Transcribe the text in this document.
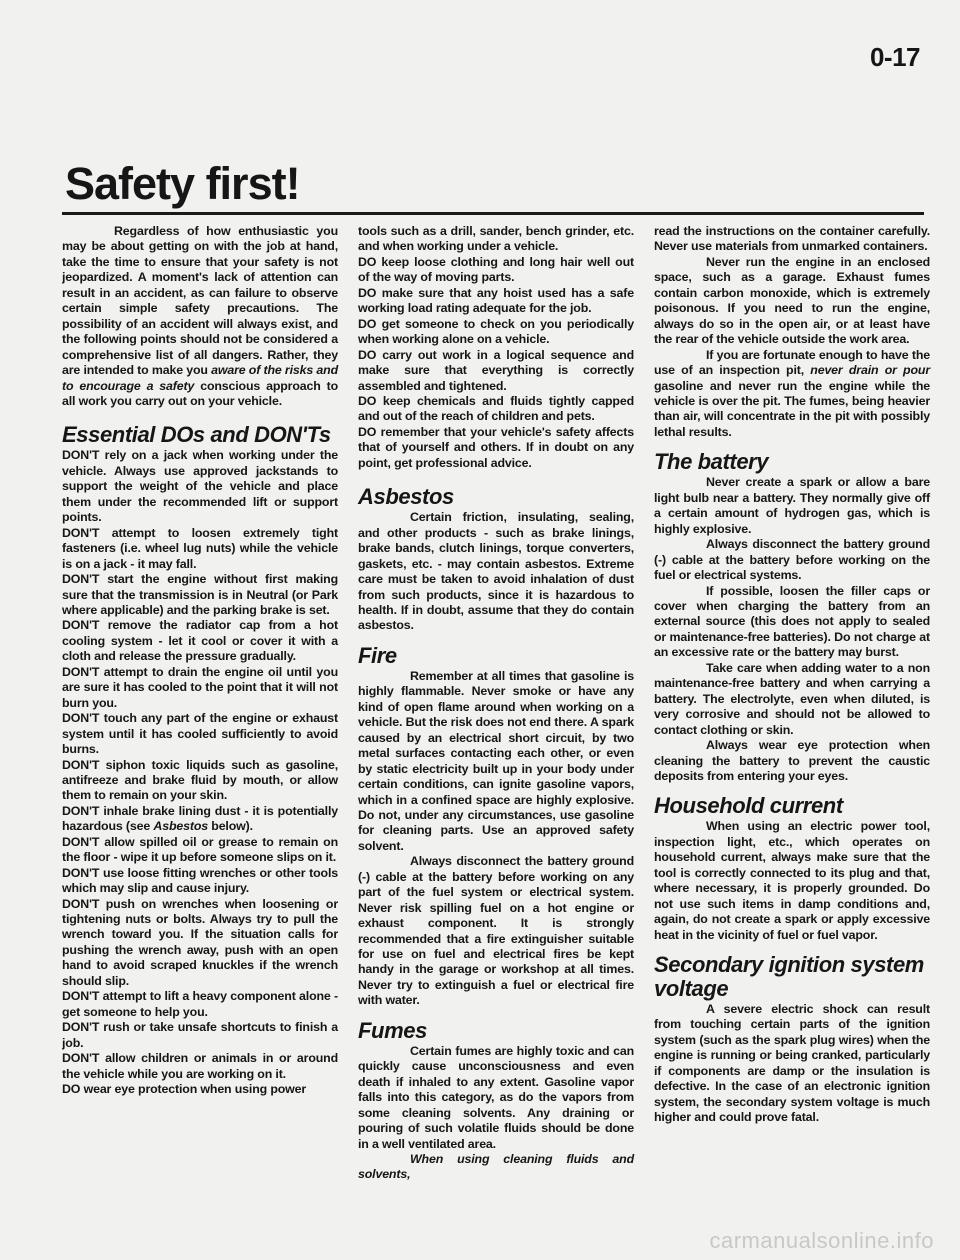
0-17
Safety first!

Regardless of how enthusiastic you may be about getting on with the job at hand, take the time to ensure that your safety is not jeopardized. A moment's lack of attention can result in an accident, as can failure to observe certain simple safety precautions. The possibility of an accident will always exist, and the following points should not be considered a comprehensive list of all dangers. Rather, they are intended to make you aware of the risks and to encourage a safety conscious approach to all work you carry out on your vehicle.

Essential DOs and DON'Ts

DON'T rely on a jack when working under the vehicle. Always use approved jackstands to support the weight of the vehicle and place them under the recommended lift or support points.

DON'T attempt to loosen extremely tight fasteners (i.e. wheel lug nuts) while the vehicle is on a jack - it may fall.

DON'T start the engine without first making sure that the transmission is in Neutral (or Park where applicable) and the parking brake is set.

DON'T remove the radiator cap from a hot cooling system - let it cool or cover it with a cloth and release the pressure gradually.

DON'T attempt to drain the engine oil until you are sure it has cooled to the point that it will not burn you.

DON'T touch any part of the engine or exhaust system until it has cooled sufficiently to avoid burns.

DON'T siphon toxic liquids such as gasoline, antifreeze and brake fluid by mouth, or allow them to remain on your skin.

DON'T inhale brake lining dust - it is potentially hazardous (see Asbestos below).

DON'T allow spilled oil or grease to remain on the floor - wipe it up before someone slips on it.

DON'T use loose fitting wrenches or other tools which may slip and cause injury.

DON'T push on wrenches when loosening or tightening nuts or bolts. Always try to pull the wrench toward you. If the situation calls for pushing the wrench away, push with an open hand to avoid scraped knuckles if the wrench should slip.

DON'T attempt to lift a heavy component alone - get someone to help you.

DON'T rush or take unsafe shortcuts to finish a job.

DON'T allow children or animals in or around the vehicle while you are working on it.

DO wear eye protection when using power

tools such as a drill, sander, bench grinder, etc. and when working under a vehicle.

DO keep loose clothing and long hair well out of the way of moving parts.

DO make sure that any hoist used has a safe working load rating adequate for the job.

DO get someone to check on you periodically when working alone on a vehicle.

DO carry out work in a logical sequence and make sure that everything is correctly assembled and tightened.

DO keep chemicals and fluids tightly capped and out of the reach of children and pets.

DO remember that your vehicle's safety affects that of yourself and others. If in doubt on any point, get professional advice.

Asbestos

Certain friction, insulating, sealing, and other products - such as brake linings, brake bands, clutch linings, torque converters, gaskets, etc. - may contain asbestos. Extreme care must be taken to avoid inhalation of dust from such products, since it is hazardous to health. If in doubt, assume that they do contain asbestos.

Fire

Remember at all times that gasoline is highly flammable. Never smoke or have any kind of open flame around when working on a vehicle. But the risk does not end there. A spark caused by an electrical short circuit, by two metal surfaces contacting each other, or even by static electricity built up in your body under certain conditions, can ignite gasoline vapors, which in a confined space are highly explosive. Do not, under any circumstances, use gasoline for cleaning parts. Use an approved safety solvent.

Always disconnect the battery ground (-) cable at the battery before working on any part of the fuel system or electrical system. Never risk spilling fuel on a hot engine or exhaust component. It is strongly recommended that a fire extinguisher suitable for use on fuel and electrical fires be kept handy in the garage or workshop at all times. Never try to extinguish a fuel or electrical fire with water.

Fumes

Certain fumes are highly toxic and can quickly cause unconsciousness and even death if inhaled to any extent. Gasoline vapor falls into this category, as do the vapors from some cleaning solvents. Any draining or pouring of such volatile fluids should be done in a well ventilated area.

When using cleaning fluids and solvents,

read the instructions on the container carefully. Never use materials from unmarked containers.

Never run the engine in an enclosed space, such as a garage. Exhaust fumes contain carbon monoxide, which is extremely poisonous. If you need to run the engine, always do so in the open air, or at least have the rear of the vehicle outside the work area.

If you are fortunate enough to have the use of an inspection pit, never drain or pour gasoline and never run the engine while the vehicle is over the pit. The fumes, being heavier than air, will concentrate in the pit with possibly lethal results.

The battery

Never create a spark or allow a bare light bulb near a battery. They normally give off a certain amount of hydrogen gas, which is highly explosive.

Always disconnect the battery ground (-) cable at the battery before working on the fuel or electrical systems.

If possible, loosen the filler caps or cover when charging the battery from an external source (this does not apply to sealed or maintenance-free batteries). Do not charge at an excessive rate or the battery may burst.

Take care when adding water to a non maintenance-free battery and when carrying a battery. The electrolyte, even when diluted, is very corrosive and should not be allowed to contact clothing or skin.

Always wear eye protection when cleaning the battery to prevent the caustic deposits from entering your eyes.

Household current

When using an electric power tool, inspection light, etc., which operates on household current, always make sure that the tool is correctly connected to its plug and that, where necessary, it is properly grounded. Do not use such items in damp conditions and, again, do not create a spark or apply excessive heat in the vicinity of fuel or fuel vapor.

Secondary ignition system
voltage

A severe electric shock can result from touching certain parts of the ignition system (such as the spark plug wires) when the engine is running or being cranked, particularly if components are damp or the insulation is defective. In the case of an electronic ignition system, the secondary system voltage is much higher and could prove fatal.

carmanualsonline.info
